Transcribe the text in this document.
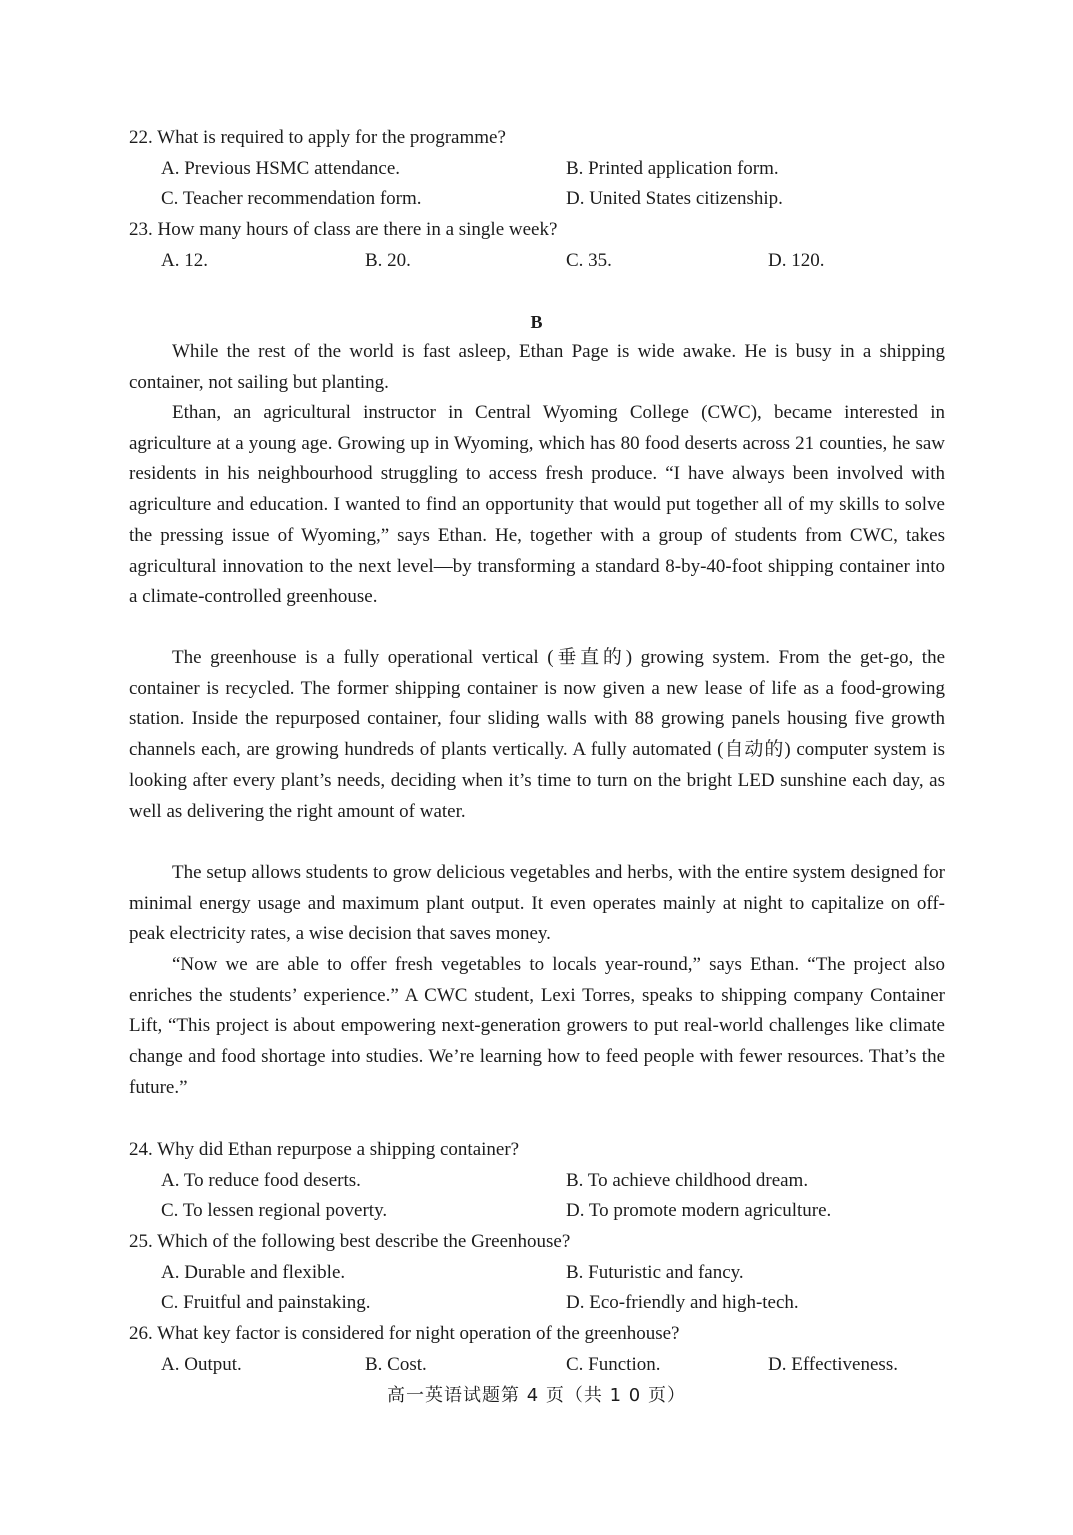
22. What is required to apply for the programme?
A. Previous HSMC attendance.	B. Printed application form.
C. Teacher recommendation form.	D. United States citizenship.
23. How many hours of class are there in a single week?
A. 12.	B. 20.	C. 35.	D. 120.
B

While the rest of the world is fast asleep, Ethan Page is wide awake. He is busy in a shipping container, not sailing but planting.

Ethan, an agricultural instructor in Central Wyoming College (CWC), became interested in agriculture at a young age. Growing up in Wyoming, which has 80 food deserts across 21 counties, he saw residents in his neighbourhood struggling to access fresh produce. “I have always been involved with agriculture and education. I wanted to find an opportunity that would put together all of my skills to solve the pressing issue of Wyoming,” says Ethan. He, together with a group of students from CWC, takes agricultural innovation to the next level—by transforming a standard 8-by-40-foot shipping container into a climate-controlled greenhouse.

The greenhouse is a fully operational vertical (垂直的) growing system. From the get-go, the container is recycled. The former shipping container is now given a new lease of life as a food-growing station. Inside the repurposed container, four sliding walls with 88 growing panels housing five growth channels each, are growing hundreds of plants vertically. A fully automated (自动的) computer system is looking after every plant’s needs, deciding when it’s time to turn on the bright LED sunshine each day, as well as delivering the right amount of water.

The setup allows students to grow delicious vegetables and herbs, with the entire system designed for minimal energy usage and maximum plant output. It even operates mainly at night to capitalize on off-peak electricity rates, a wise decision that saves money.

“Now we are able to offer fresh vegetables to locals year-round,” says Ethan. “The project also enriches the students’ experience.” A CWC student, Lexi Torres, speaks to shipping company Container Lift, “This project is about empowering next-generation growers to put real-world challenges like climate change and food shortage into studies. We’re learning how to feed people with fewer resources. That’s the future.”

24. Why did Ethan repurpose a shipping container?
A. To reduce food deserts.	B. To achieve childhood dream.
C. To lessen regional poverty.	D. To promote modern agriculture.
25. Which of the following best describe the Greenhouse?
A. Durable and flexible.	B. Futuristic and fancy.
C. Fruitful and painstaking.	D. Eco-friendly and high-tech.
26. What key factor is considered for night operation of the greenhouse?
A. Output.	B. Cost.	C. Function.	D. Effectiveness.
高一英语试题第 4 页（共 1 0 页）
